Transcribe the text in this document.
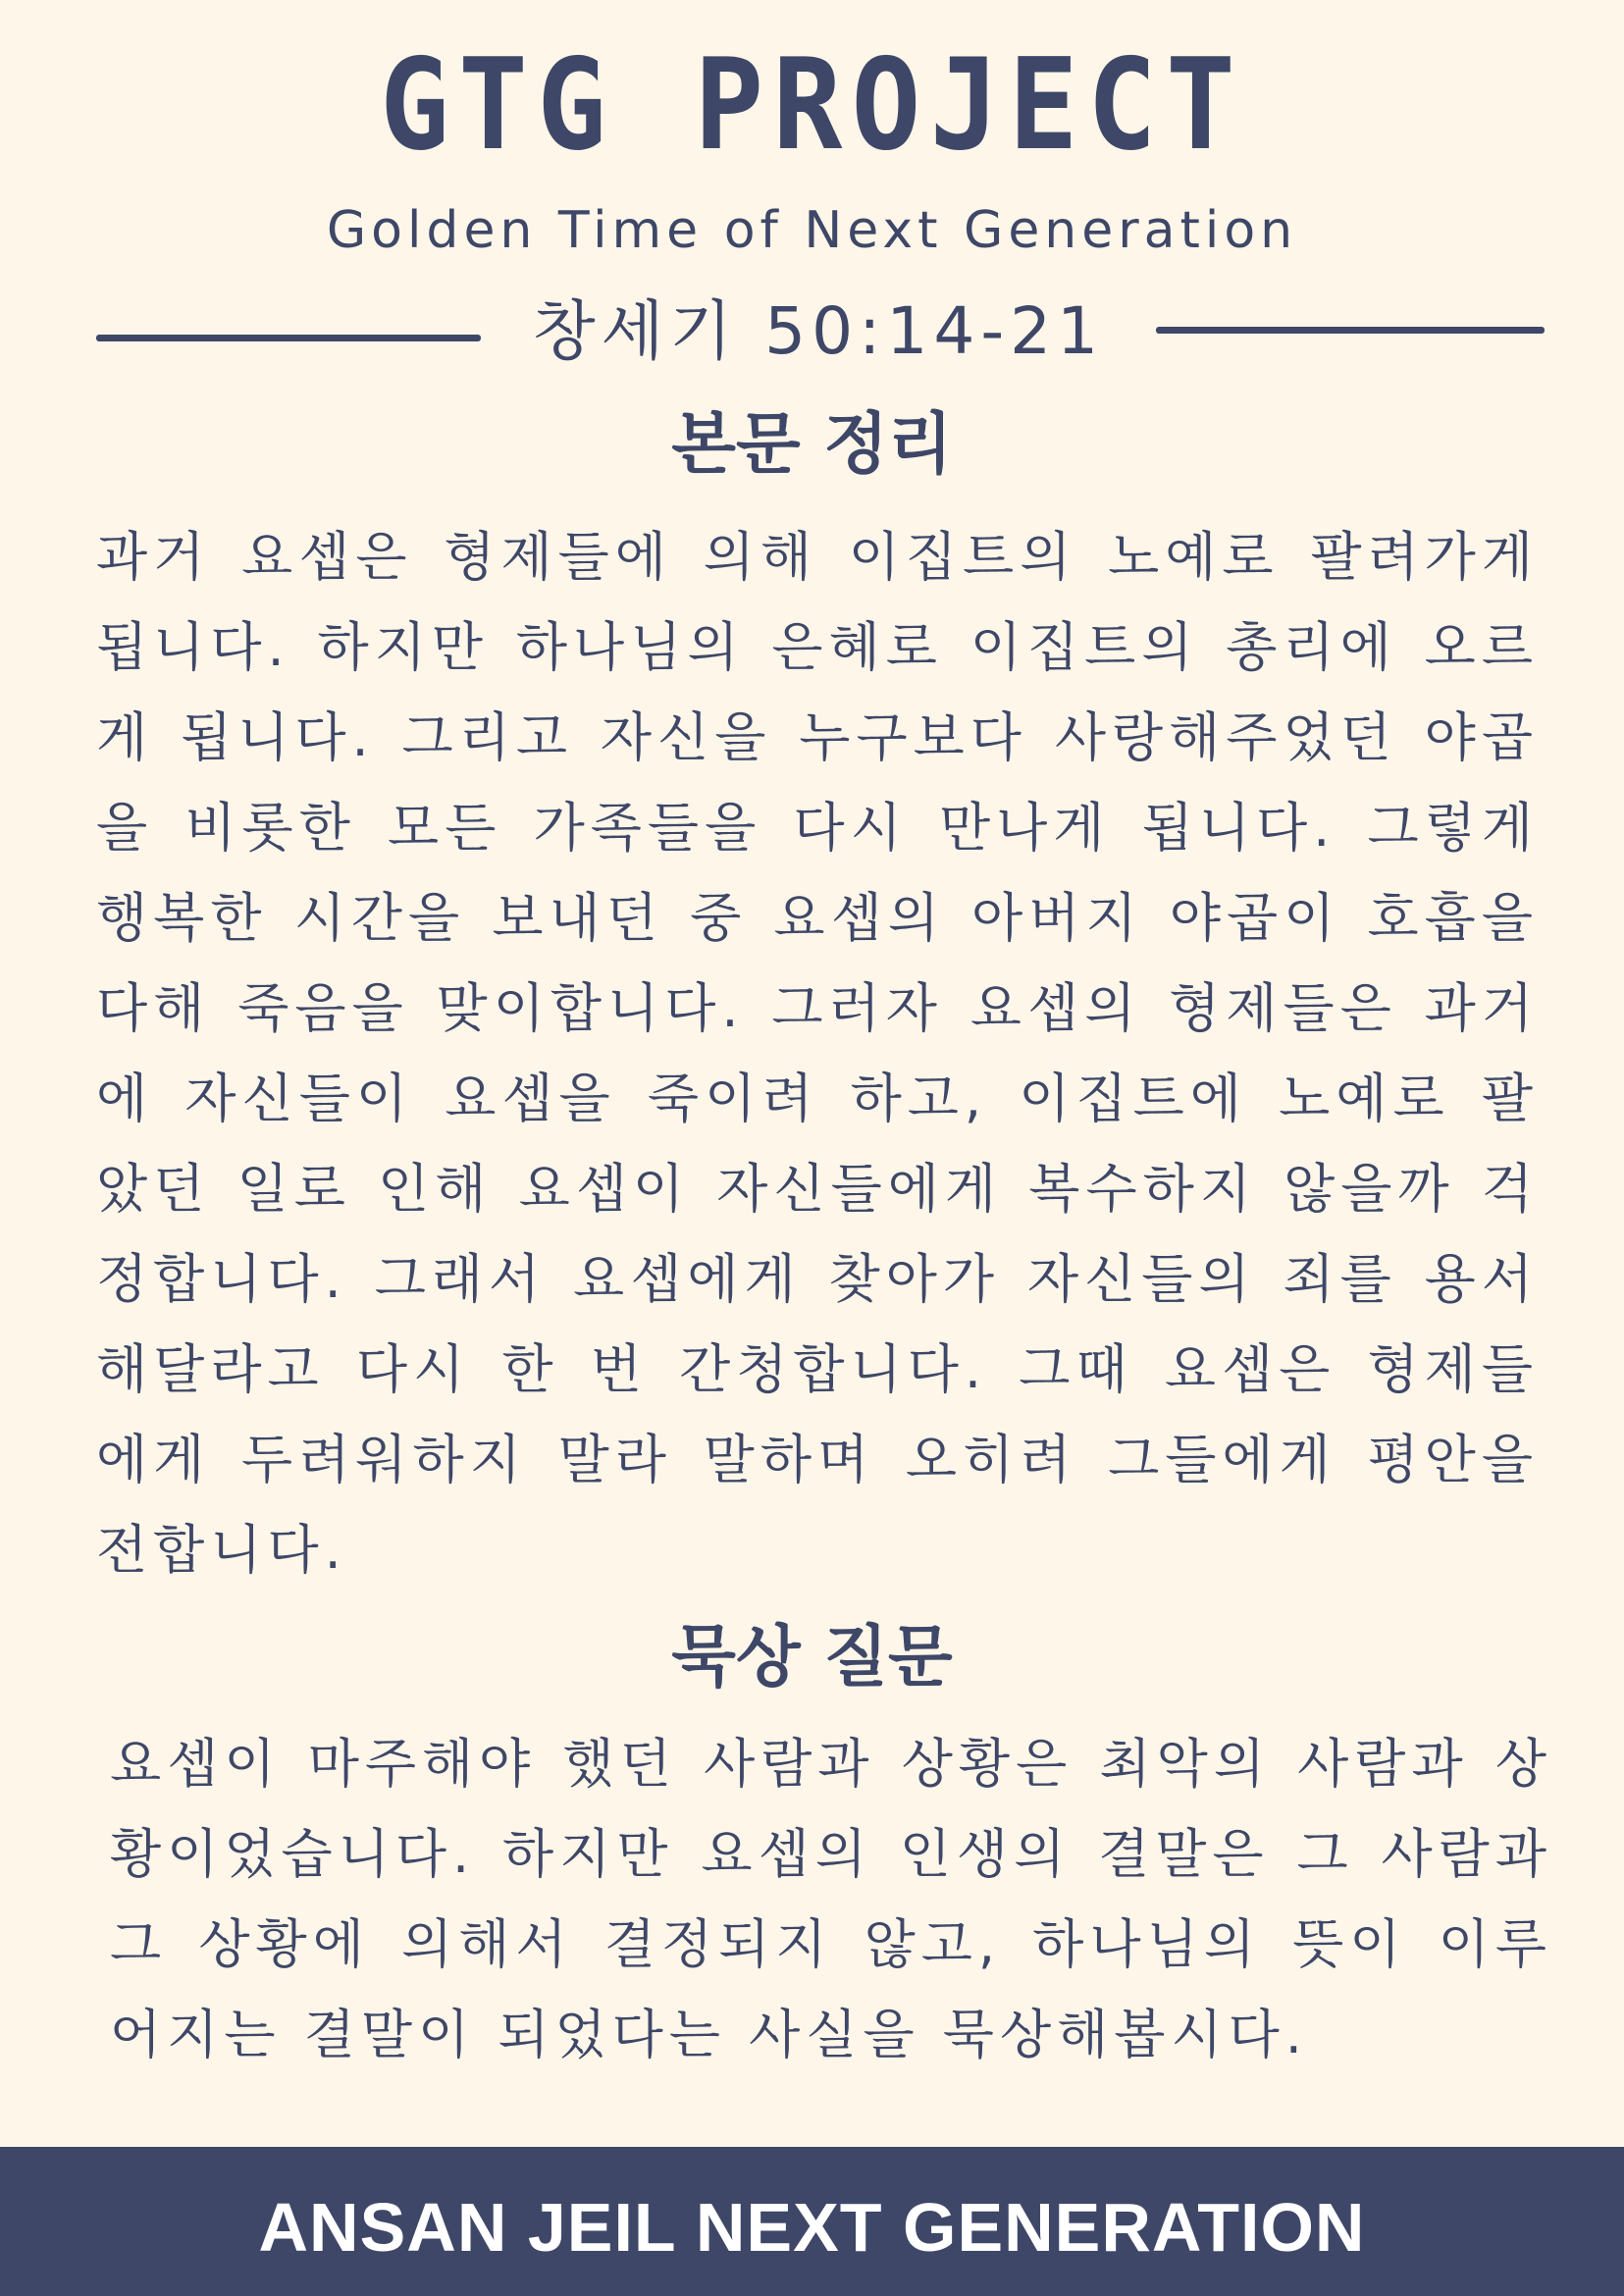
GTG PROJECT
Golden Time of Next Generation
창세기 50:14-21
본문 정리
과거 요셉은 형제들에 의해 이집트의 노예로 팔려가게
됩니다. 하지만 하나님의 은혜로 이집트의 총리에 오르
게 됩니다. 그리고 자신을 누구보다 사랑해주었던 야곱
을 비롯한 모든 가족들을 다시 만나게 됩니다. 그렇게
행복한 시간을 보내던 중 요셉의 아버지 야곱이 호흡을
다해 죽음을 맞이합니다. 그러자 요셉의 형제들은 과거
에 자신들이 요셉을 죽이려 하고, 이집트에 노예로 팔
았던 일로 인해 요셉이 자신들에게 복수하지 않을까 걱
정합니다. 그래서 요셉에게 찾아가 자신들의 죄를 용서
해달라고 다시 한 번 간청합니다. 그때 요셉은 형제들
에게 두려워하지 말라 말하며 오히려 그들에게 평안을
전합니다.
묵상 질문
요셉이 마주해야 했던 사람과 상황은 최악의 사람과 상
황이었습니다. 하지만 요셉의 인생의 결말은 그 사람과
그 상황에 의해서 결정되지 않고, 하나님의 뜻이 이루
어지는 결말이 되었다는 사실을 묵상해봅시다.
ANSAN JEIL NEXT GENERATION
